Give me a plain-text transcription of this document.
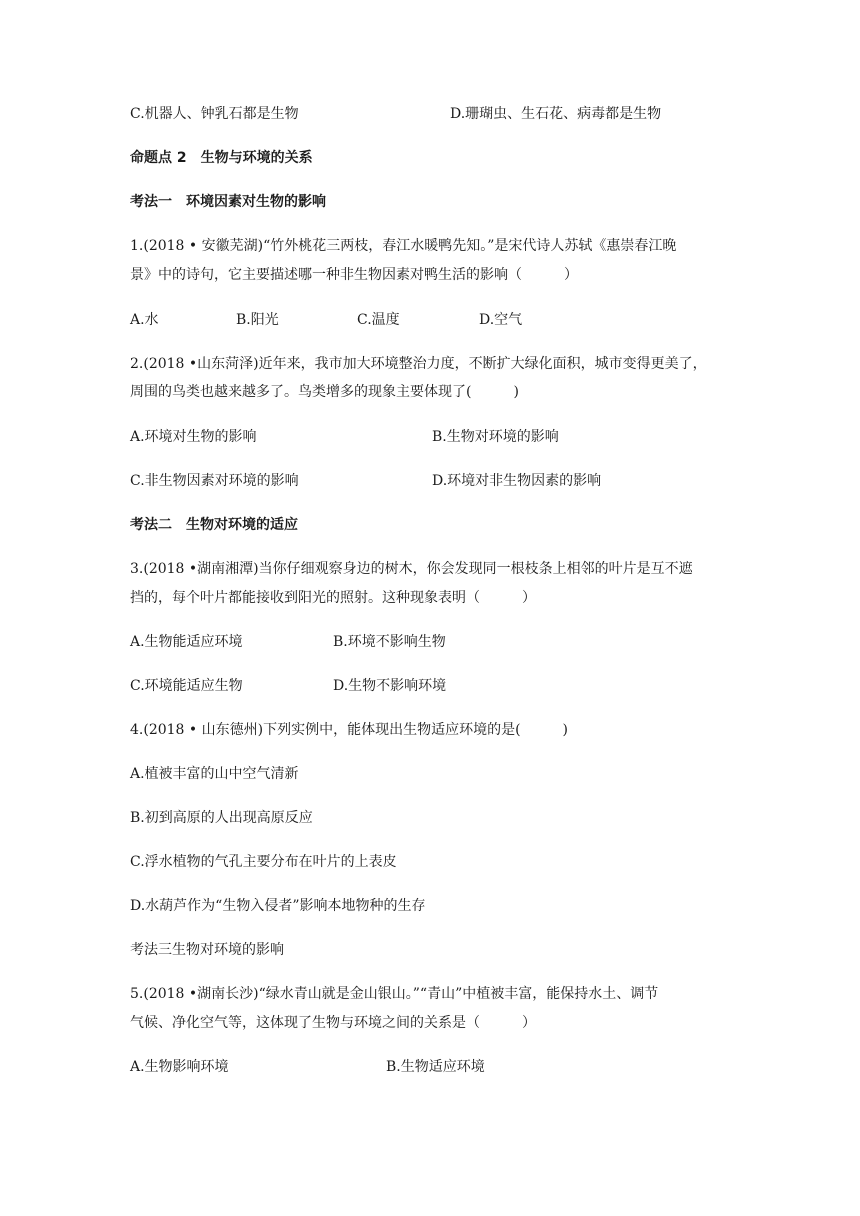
C.机器人、钟乳石都是生物	D.珊瑚虫、生石花、病毒都是生物
命题点 2　生物与环境的关系
考法一　环境因素对生物的影响
1.(2018 • 安徽芜湖)“竹外桃花三两枝，春江水暖鸭先知。”是宋代诗人苏轼《惠崇春江晚
景》中的诗句，它主要描述哪一种非生物因素对鸭生活的影响（　　　）
A.水	B.阳光	C.温度	D.空气
2.(2018 •山东菏泽)近年来，我市加大环境整治力度，不断扩大绿化面积，城市变得更美了，
周围的鸟类也越来越多了。鸟类增多的现象主要体现了(　　　)
A.环境对生物的影响	B.生物对环境的影响
C.非生物因素对环境的影响	D.环境对非生物因素的影响
考法二　生物对环境的适应
3.(2018 •湖南湘潭)当你仔细观察身边的树木，你会发现同一根枝条上相邻的叶片是互不遮
挡的，每个叶片都能接收到阳光的照射。这种现象表明（　　　）
A.生物能适应环境	B.环境不影响生物
C.环境能适应生物	D.生物不影响环境
4.(2018 • 山东德州)下列实例中，能体现出生物适应环境的是(　　　)
A.植被丰富的山中空气清新
B.初到高原的人出现高原反应
C.浮水植物的气孔主要分布在叶片的上表皮
D.水葫芦作为“生物入侵者”影响本地物种的生存
考法三生物对环境的影响
5.(2018 •湖南长沙)“绿水青山就是金山银山。”“青山”中植被丰富，能保持水土、调节
气候、净化空气等，这体现了生物与环境之间的关系是（　　　）
A.生物影响环境	B.生物适应环境
